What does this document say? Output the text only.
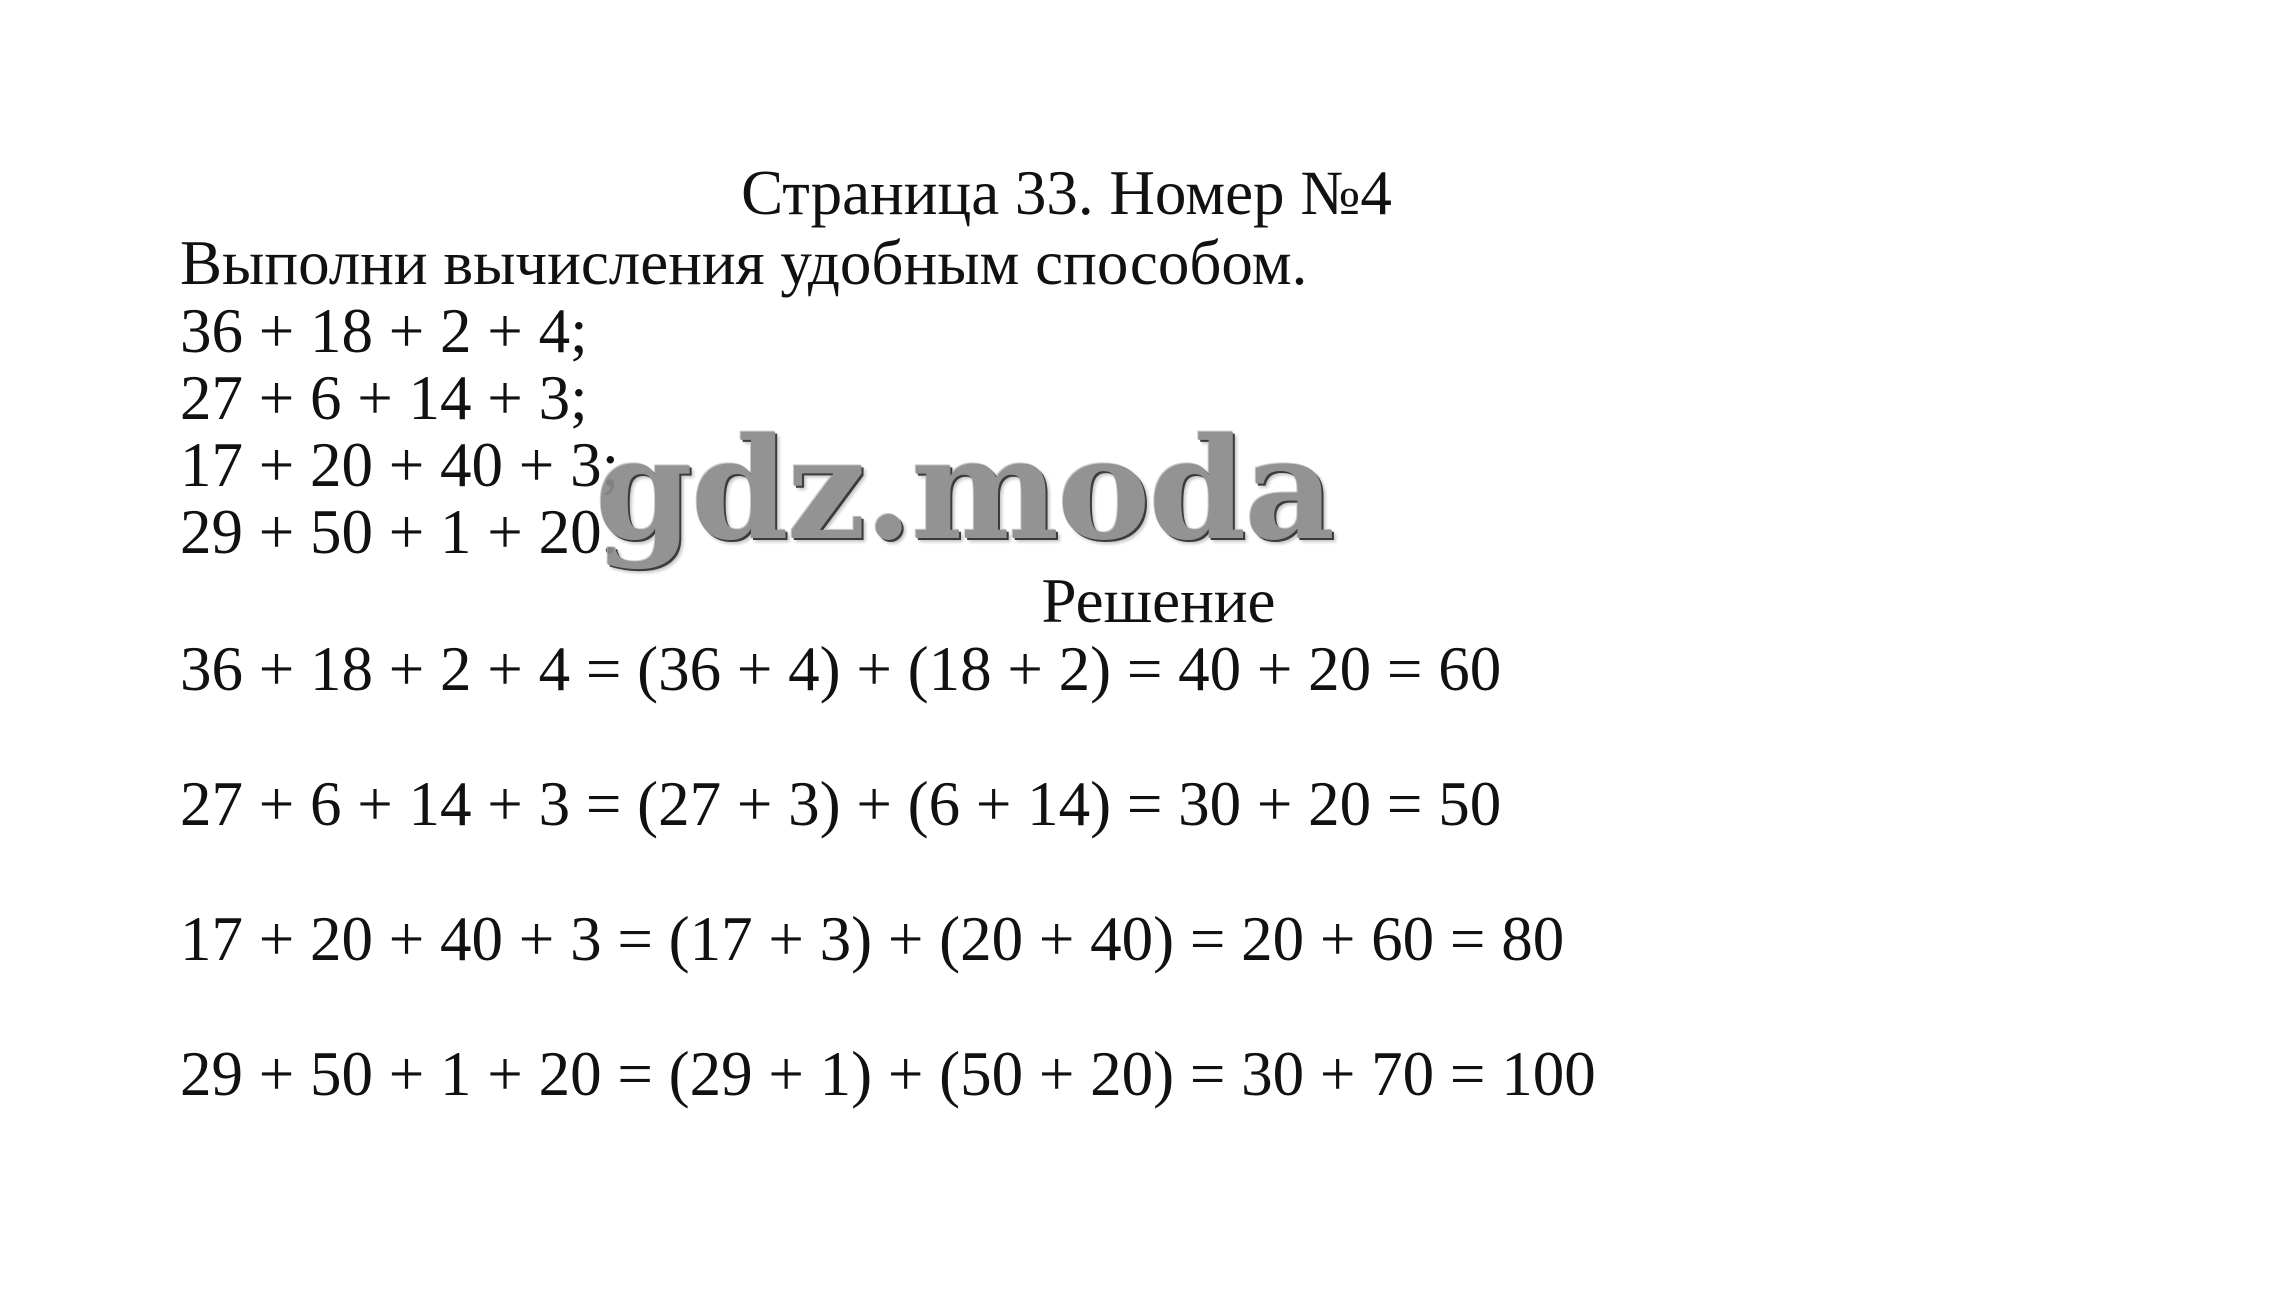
Страница 33. Номер №4
Выполни вычисления удобным способом.
36 + 18 + 2 + 4;
27 + 6 + 14 + 3;
17 + 20 + 40 + 3;
29 + 50 + 1 + 20.
gdz.moda
Решение
36 + 18 + 2 + 4 = (36 + 4) + (18 + 2) = 40 + 20 = 60
27 + 6 + 14 + 3 = (27 + 3) + (6 + 14) = 30 + 20 = 50
17 + 20 + 40 + 3 = (17 + 3) + (20 + 40) = 20 + 60 = 80
29 + 50 + 1 + 20 = (29 + 1) + (50 + 20) = 30 + 70 = 100
